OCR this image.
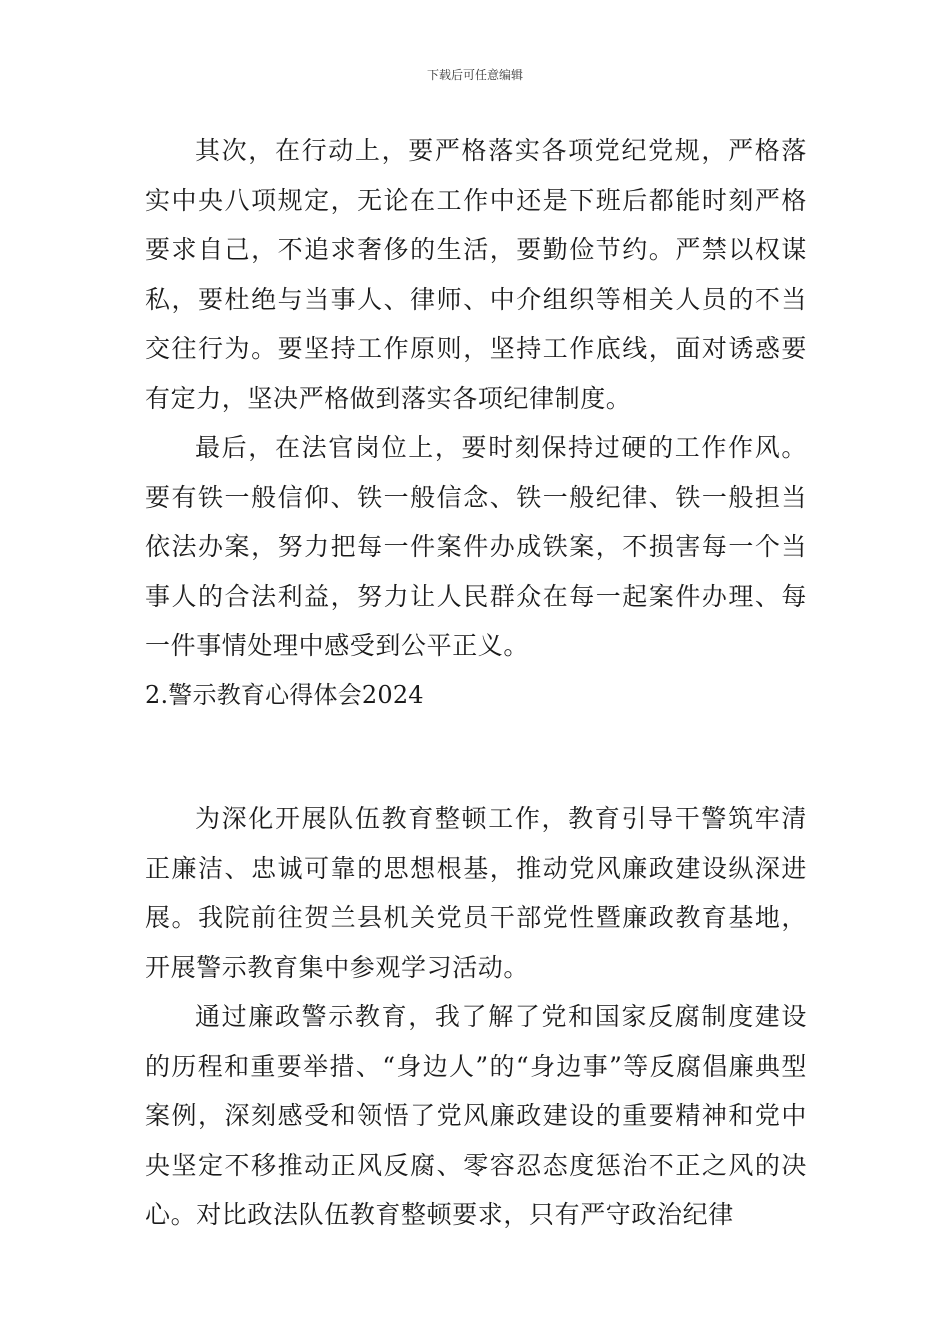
下载后可任意编辑

其次，在行动上，要严格落实各项党纪党规，严格落实中央八项规定，无论在工作中还是下班后都能时刻严格要求自己，不追求奢侈的生活，要勤俭节约。严禁以权谋私，要杜绝与当事人、律师、中介组织等相关人员的不当交往行为。要坚持工作原则，坚持工作底线，面对诱惑要有定力，坚决严格做到落实各项纪律制度。

最后，在法官岗位上，要时刻保持过硬的工作作风。要有铁一般信仰、铁一般信念、铁一般纪律、铁一般担当依法办案，努力把每一件案件办成铁案，不损害每一个当事人的合法利益，努力让人民群众在每一起案件办理、每一件事情处理中感受到公平正义。

2.警示教育心得体会2024

为深化开展队伍教育整顿工作，教育引导干警筑牢清正廉洁、忠诚可靠的思想根基，推动党风廉政建设纵深进展。我院前往贺兰县机关党员干部党性暨廉政教育基地，开展警示教育集中参观学习活动。

通过廉政警示教育，我了解了党和国家反腐制度建设的历程和重要举措、“身边人”的“身边事”等反腐倡廉典型案例，深刻感受和领悟了党风廉政建设的重要精神和党中央坚定不移推动正风反腐、零容忍态度惩治不正之风的决心。对比政法队伍教育整顿要求，只有严守政治纪律
